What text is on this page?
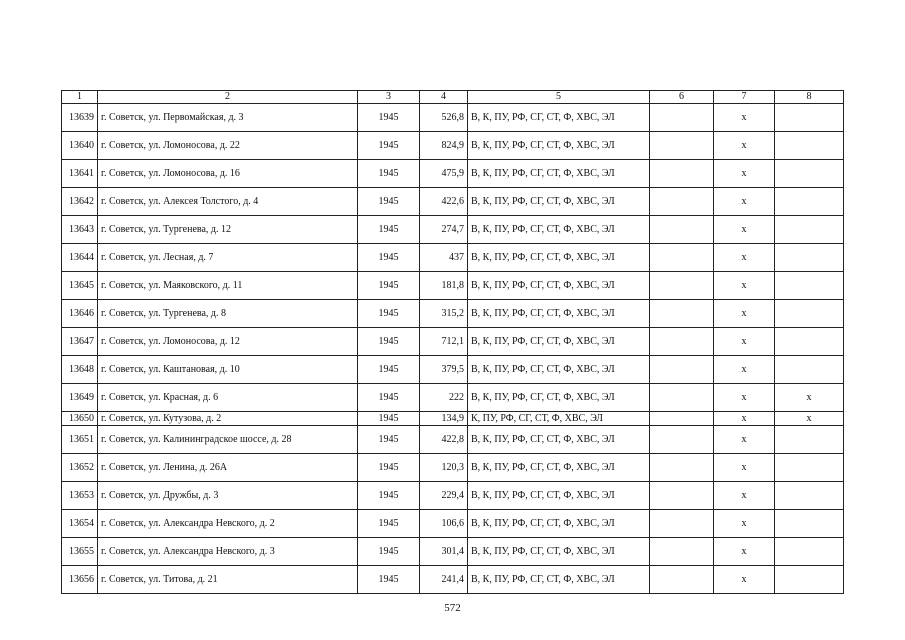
1	2	3	4	5	6	7	8
13639	г. Советск, ул. Первомайская, д. 3	1945	526,8	В, К, ПУ, РФ, СГ, СТ, Ф, ХВС, ЭЛ		х	
13640	г. Советск, ул. Ломоносова, д. 22	1945	824,9	В, К, ПУ, РФ, СГ, СТ, Ф, ХВС, ЭЛ		х	
13641	г. Советск, ул. Ломоносова, д. 16	1945	475,9	В, К, ПУ, РФ, СГ, СТ, Ф, ХВС, ЭЛ		х	
13642	г. Советск, ул. Алексея Толстого, д. 4	1945	422,6	В, К, ПУ, РФ, СГ, СТ, Ф, ХВС, ЭЛ		х	
13643	г. Советск, ул. Тургенева, д. 12	1945	274,7	В, К, ПУ, РФ, СГ, СТ, Ф, ХВС, ЭЛ		х	
13644	г. Советск, ул. Лесная, д. 7	1945	437	В, К, ПУ, РФ, СГ, СТ, Ф, ХВС, ЭЛ		х	
13645	г. Советск, ул. Маяковского, д. 11	1945	181,8	В, К, ПУ, РФ, СГ, СТ, Ф, ХВС, ЭЛ		х	
13646	г. Советск, ул. Тургенева, д. 8	1945	315,2	В, К, ПУ, РФ, СГ, СТ, Ф, ХВС, ЭЛ		х	
13647	г. Советск, ул. Ломоносова, д. 12	1945	712,1	В, К, ПУ, РФ, СГ, СТ, Ф, ХВС, ЭЛ		х	
13648	г. Советск, ул. Каштановая, д. 10	1945	379,5	В, К, ПУ, РФ, СГ, СТ, Ф, ХВС, ЭЛ		х	
13649	г. Советск, ул. Красная, д. 6	1945	222	В, К, ПУ, РФ, СГ, СТ, Ф, ХВС, ЭЛ		х	х
13650	г. Советск, ул. Кутузова, д. 2	1945	134,9	К, ПУ, РФ, СГ, СТ, Ф, ХВС, ЭЛ		х	х
13651	г. Советск, ул. Калининградское шоссе, д. 28	1945	422,8	В, К, ПУ, РФ, СГ, СТ, Ф, ХВС, ЭЛ		х	
13652	г. Советск, ул. Ленина, д. 26А	1945	120,3	В, К, ПУ, РФ, СГ, СТ, Ф, ХВС, ЭЛ		х	
13653	г. Советск, ул. Дружбы, д. 3	1945	229,4	В, К, ПУ, РФ, СГ, СТ, Ф, ХВС, ЭЛ		х	
13654	г. Советск, ул. Александра Невского, д. 2	1945	106,6	В, К, ПУ, РФ, СГ, СТ, Ф, ХВС, ЭЛ		х	
13655	г. Советск, ул. Александра Невского, д. 3	1945	301,4	В, К, ПУ, РФ, СГ, СТ, Ф, ХВС, ЭЛ		х	
13656	г. Советск, ул. Титова, д. 21	1945	241,4	В, К, ПУ, РФ, СГ, СТ, Ф, ХВС, ЭЛ		х	
572
